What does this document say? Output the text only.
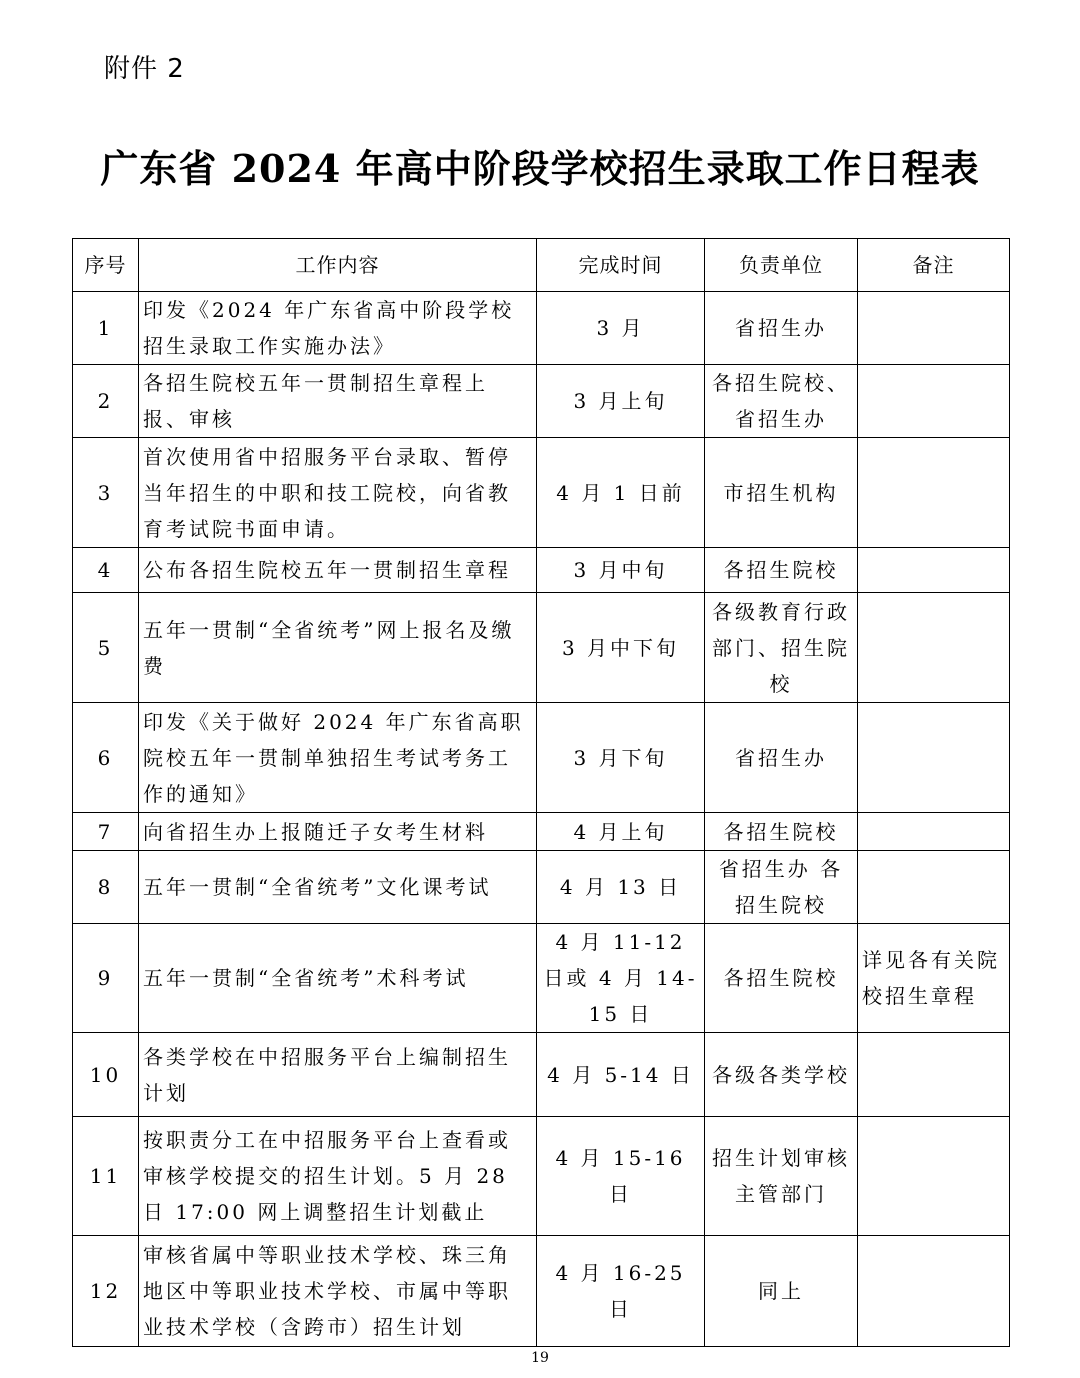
附件 2
广东省 2024 年高中阶段学校招生录取工作日程表
序号	工作内容	完成时间	负责单位	备注
1	印发《2024 年广东省高中阶段学校招生录取工作实施办法》	3 月	省招生办	
2	各招生院校五年一贯制招生章程上报、审核	3 月上旬	各招生院校、省招生办	
3	首次使用省中招服务平台录取、暂停当年招生的中职和技工院校，向省教育考试院书面申请。	4 月 1 日前	市招生机构	
4	公布各招生院校五年一贯制招生章程	3 月中旬	各招生院校	
5	五年一贯制“全省统考”网上报名及缴费	3 月中下旬	各级教育行政部门、招生院校	
6	印发《关于做好 2024 年广东省高职院校五年一贯制单独招生考试考务工作的通知》	3 月下旬	省招生办	
7	向省招生办上报随迁子女考生材料	4 月上旬	各招生院校	
8	五年一贯制“全省统考”文化课考试	4 月 13 日	省招生办 各招生院校	
9	五年一贯制“全省统考”术科考试	4 月 11-12 日或 4 月 14-15 日	各招生院校	详见各有关院校招生章程
10	各类学校在中招服务平台上编制招生计划	4 月 5-14 日	各级各类学校	
11	按职责分工在中招服务平台上查看或审核学校提交的招生计划。5 月 28 日 17:00 网上调整招生计划截止	4 月 15-16 日	招生计划审核主管部门	
12	审核省属中等职业技术学校、珠三角地区中等职业技术学校、市属中等职业技术学校（含跨市）招生计划	4 月 16-25 日	同上	
19
